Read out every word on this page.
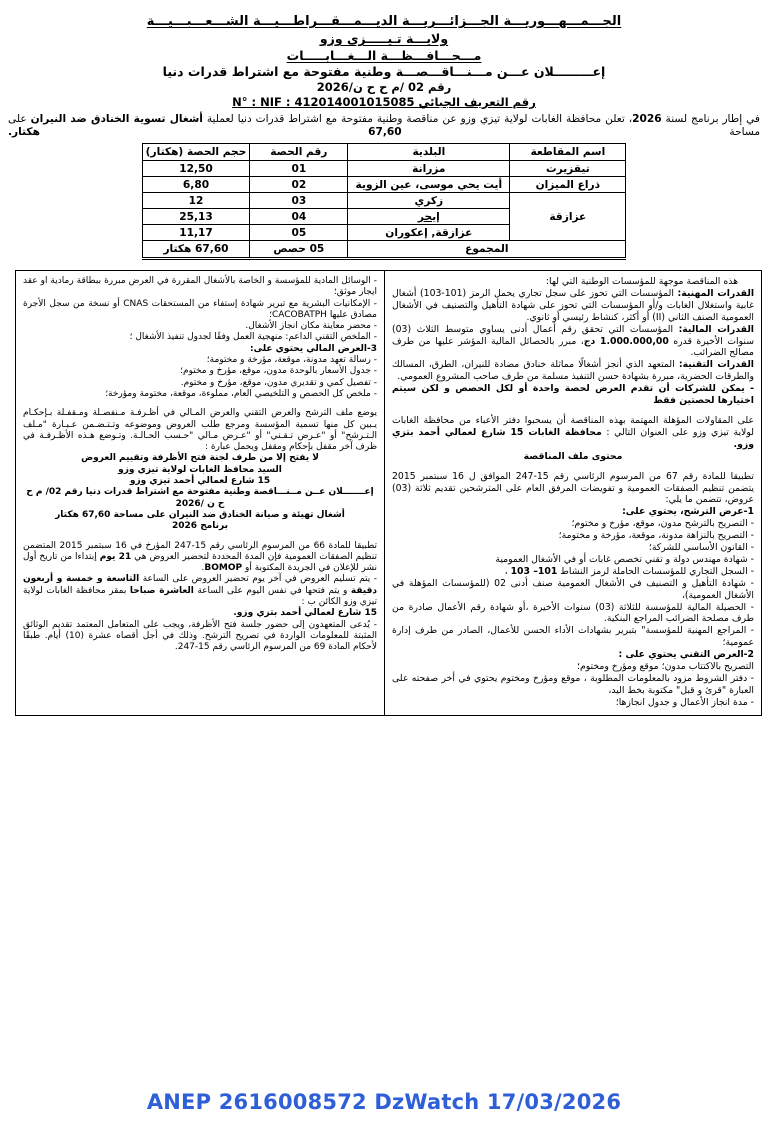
الجـــمـــهـــوريـــة الجـــزائـــريـــة الديـــمـــقـــراطـــيـــة الشـــعـــبـــيـــة
ولايـــة تـيـــــزى وزو
مـــحـــافـــظـــة الـــغـــابـــــات
إعـــــــــلان عـــن مـــنـــاقـــصـــة وطنية مفتوحة مع اشتراط قدرات دنيا
رقم 02 /م ح ح ن/2026
رقم التعريف الجبائي N° : NIF : 412014001015085

في إطار برنامج لسنة 2026، تعلن محافظة الغابات لولاية تيزي وزو عن مناقصة وطنية مفتوحة مع اشتراط قدرات دنيا لعملية أشغال تسوية الخنادق ضد النيران على مساحة 67,60 هكتار.

اسم المقاطعة	البلدية	رقم الحصة	حجم الحصة (هكتار)
تيقزيرت	مزرانة	01	12,50
ذراع الميزان	أيت يحي موسى، عين الزوية	02	6,80
عزازقة	زكري	03	12
	إيجر	04	25,13
	عزازقة, إعكوران	05	11,17
المجموع		05 حصص	67,60 هكتار

هذه المناقصة موجهة للمؤسسات الوطنية التي لها:

القدرات المهنية: المؤسسات التي تحوز على سجل تجاري يحمل الرمز (101-103) أشغال غابية واستغلال الغابات و/أو المؤسسات التي تحوز على شهادة التأهيل والتصنيف في الأشغال العمومية الصنف الثاني (II) أو أكثر، كنشاط رئيسي أو ثانوي.

القدرات المالية: المؤسسات التي تحقق رقم أعمال أدنى يساوي متوسط الثلاث (03) سنوات الأخيرة قدره 1.000.000,00 دج، مبرر بالحصائل المالية المؤشر عليها من طرف مصالح الضرائب.

القدرات التقنية: المتعهد الذي أنجز أشغالًا مماثلة خنادق مضادة للنيران، الطرق، المسالك والطرقات الحضرية، مبررة بشهادة حسن التنفيذ مسلمة من طرف صاحب المشروع العمومي.

- يمكن للشركات أن تقدم العرض لحصة واحدة أو لكل الحصص و لكن سيتم اختيارها لحصتين فقط

على المقاولات المؤهلة المهتمة بهذه المناقصة أن يسحبوا دفتر الأعباء من محافظة الغابات لولاية تيزي وزو على العنوان التالي : محافظة الغابات 15 شارع لعمالي أحمد بتزي وزو.

محتوى ملف المناقصة

تطبيقا للمادة رقم 67 من المرسوم الرئاسي رقم 15-247 الموافق ل 16 سبتمبر 2015 يتضمن تنظيم الصفقات العمومية و تفويضات المرفق العام على المترشحين تقديم ثلاثة (03) عروض، تتضمن ما يلي:

1-عرض الترشح، يحتوي على:

- التصريح بالترشح مدون، موقع، مؤرخ و مختوم؛

- التصريح بالنزاهة مدونة، موقعة، مؤرخة و مختومة؛

- القانون الأساسي للشركة؛

- شهادة مهندس دولة و تقني تخصص غابات أو في الأشغال العمومية

- السجل التجاري للمؤسسات الحاملة لرمز النشاط 101– 103 ،

- شهادة التأهيل و التصنيف في الأشغال العمومية صنف أدنى 02 (للمؤسسات المؤهلة في الأشغال العمومية)،

- الحصيلة المالية للمؤسسة للثلاثة (03) سنوات الأخيرة ،أو شهادة رقم الأعمال صادرة من طرف مصلحة الضرائب المراجع البنكية.

- المراجع المهنية للمؤسسة" بتبرير بشهادات الأداء الحسن للأعمال، الصادر من طرف إدارة عمومية؛

2-العرض التقني يحتوي على :

التصريح بالاكتتاب مدون؛ موقع ومؤرخ ومختوم؛

- دفتر الشروط مزود بالمعلومات المطلوبة ، موقع ومؤرخ ومختوم يحتوي في أخر صفحته على العبارة "قرئ و قبل" مكتوبة بخط اليد،

- مدة انجاز الأعمال و جدول انجازها؛

- الوسائل المادية للمؤسسة و الخاصة بالأشغال المقررة في العرض مبررة ببطاقة رمادية او عقد ايجار موثق؛

- الإمكانيات البشرية مع تبرير شهادة إستفاء من المستحقات CNAS أو نسخة من سجل الأجرة مصادق عليها CACOBATPH؛

- محضر معاينة مكان انجاز الأشغال.

- الملخص التقني الداعم: منهجية العمل وفقًا لجدول تنفيذ الأشغال ؛

3-العرض المالي يحتوي على:

- رسالة تعهد مدونة، موقعة، مؤرخة و مختومة؛

- جدول الأسعار بالوحدة مدون، موقع، مؤرخ و مختوم؛

- تفصيل كمي و تقديري مدون، موقع، مؤرخ و مختوم.

- ملخص كل الحصص و التلخيصي العام، مملوءة، موقعة، مختومة ومؤرخة؛

يوضع ملف الترشح والعرض التقني والعرض المـالي في أظـرفـة مـنفصـلة ومـقفـلة بـإحكـام يـبين كل منها تسمية المؤسسة ومرجع طلب العروض وموضوعه وتـتـضـمن عـبـارة "مـلف الـتـرشح" أو "عـرض تـقـني" أو "عـرض مـالي "حـسب الحـالـة. وتـوضع هـذه الأظـرفـة في ظرف آخر مقفل بإحكام ومقفل ويحمل عبارة :

لا يفتح إلا من طرف لجنة فتح الأظرفة وتقييم العروض

السيد محافظ الغابات لولاية تيزي وزو

15 شارع لعمالي أحمد تيزي وزو

إعـــــــلان عــن مــنـــاقصة وطنية مفتوحة مع اشتراط قدرات دنيا رقم 02/ م ح ح ن /2026

أشغال تهيئة و صيانة الخنادق ضد النيران على مساحة 67,60 هكتار

برنامج 2026

تطبيقا للمادة 66 من المرسوم الرئاسي رقم 15-247 المؤرخ في 16 سبتمبر 2015 المتضمن تنظيم الصفقات العمومية فإن المدة المحددة لتحضير العروض هي 21 يوم إبتداءا من تاريخ أول نشر للإعلان في الجريدة المكتوبة أو BOMOP.

- يتم تسليم العروض في آخر يوم تحضير العروض على الساعة التاسعة و خمسة و أربعون دقيقة و يتم فتحها في نفس اليوم على الساعة العاشرة صباحا بمقر محافظة الغابات لولاية تيزي وزو الكائن ب :

15 شارع لعمالي أحمد بتزي وزو.

- يُدعى المتعهدون إلى حضور جلسة فتح الأظرفة، ويجب على المتعامل المعتمد تقديم الوثائق المثبتة للمعلومات الواردة في تصريح الترشح. وذلك في أجل أقصاه عشرة (10) أيام. طبقًا لأحكام المادة 69 من المرسوم الرئاسي رقم 15-247.

ANEP 2616008572 DzWatch 17/03/2026
